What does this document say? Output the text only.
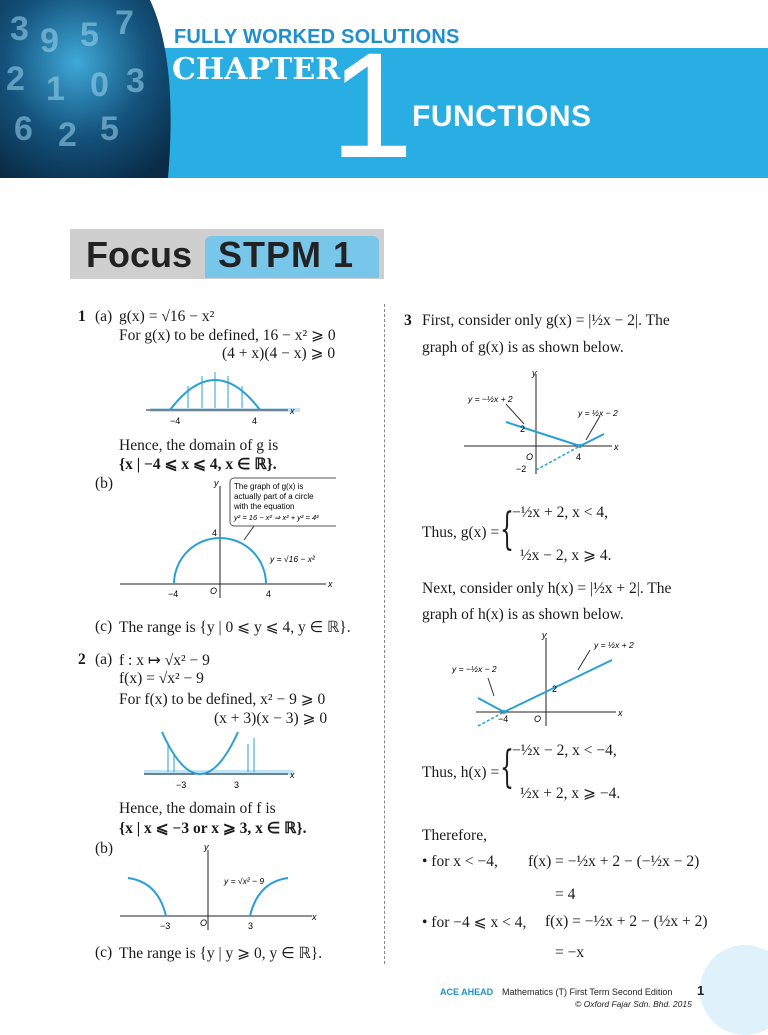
3 9 5 7
2 1 0 3
6 2 5
FULLY WORKED SOLUTIONS
CHAPTER
1
FUNCTIONS
Focus STPM 1
1 (a) g(x) = √16 − x²
For g(x) to be defined, 16 − x² ⩾ 0
(4 + x)(4 − x) ⩾ 0
x
−4	4
Hence, the domain of g is
{x | −4 ⩽ x ⩽ 4, x ∈ ℝ}.
(b)	y
x
4
−4	O	4
y = √16 − x²
The graph of g(x) is
actually part of a circle
with the equation
y² = 16 − x² ⇒ x² + y² = 4²
(c) The range is {y | 0 ⩽ y ⩽ 4, y ∈ ℝ}.
2 (a) f : x ↦ √x² − 9
f(x) = √x² − 9
For f(x) to be defined, x² − 9 ⩾ 0
(x + 3)(x − 3) ⩾ 0
x
−3	3
Hence, the domain of f is
{x | x ⩽ −3 or x ⩾ 3, x ∈ ℝ}.
(b)	y
x
−3	O	3
y = √x² − 9
(c) The range is {y | y ⩾ 0, y ∈ ℝ}.
3 First, consider only g(x) = |½x − 2|. The
graph of g(x) is as shown below.
y
x
y = −½x + 2
y = ½x − 2
2
O	4
−2
Thus, g(x) = {
−½x + 2, x < 4,
½x − 2, x ⩾ 4.
Next, consider only h(x) = |½x + 2|. The
graph of h(x) is as shown below.
y
x
y = −½x − 2
y = ½x + 2
2
O
−4
Thus, h(x) = {
−½x − 2, x < −4,
½x + 2, x ⩾ −4.
Therefore,
• for x < −4, f(x) = −½x + 2 − (−½x − 2)
= 4
• for −4 ⩽ x < 4, f(x) = −½x + 2 − (½x + 2)
= −x
ACE AHEAD Mathematics (T) First Term Second Edition
© Oxford Fajar Sdn. Bhd. 2015
1
